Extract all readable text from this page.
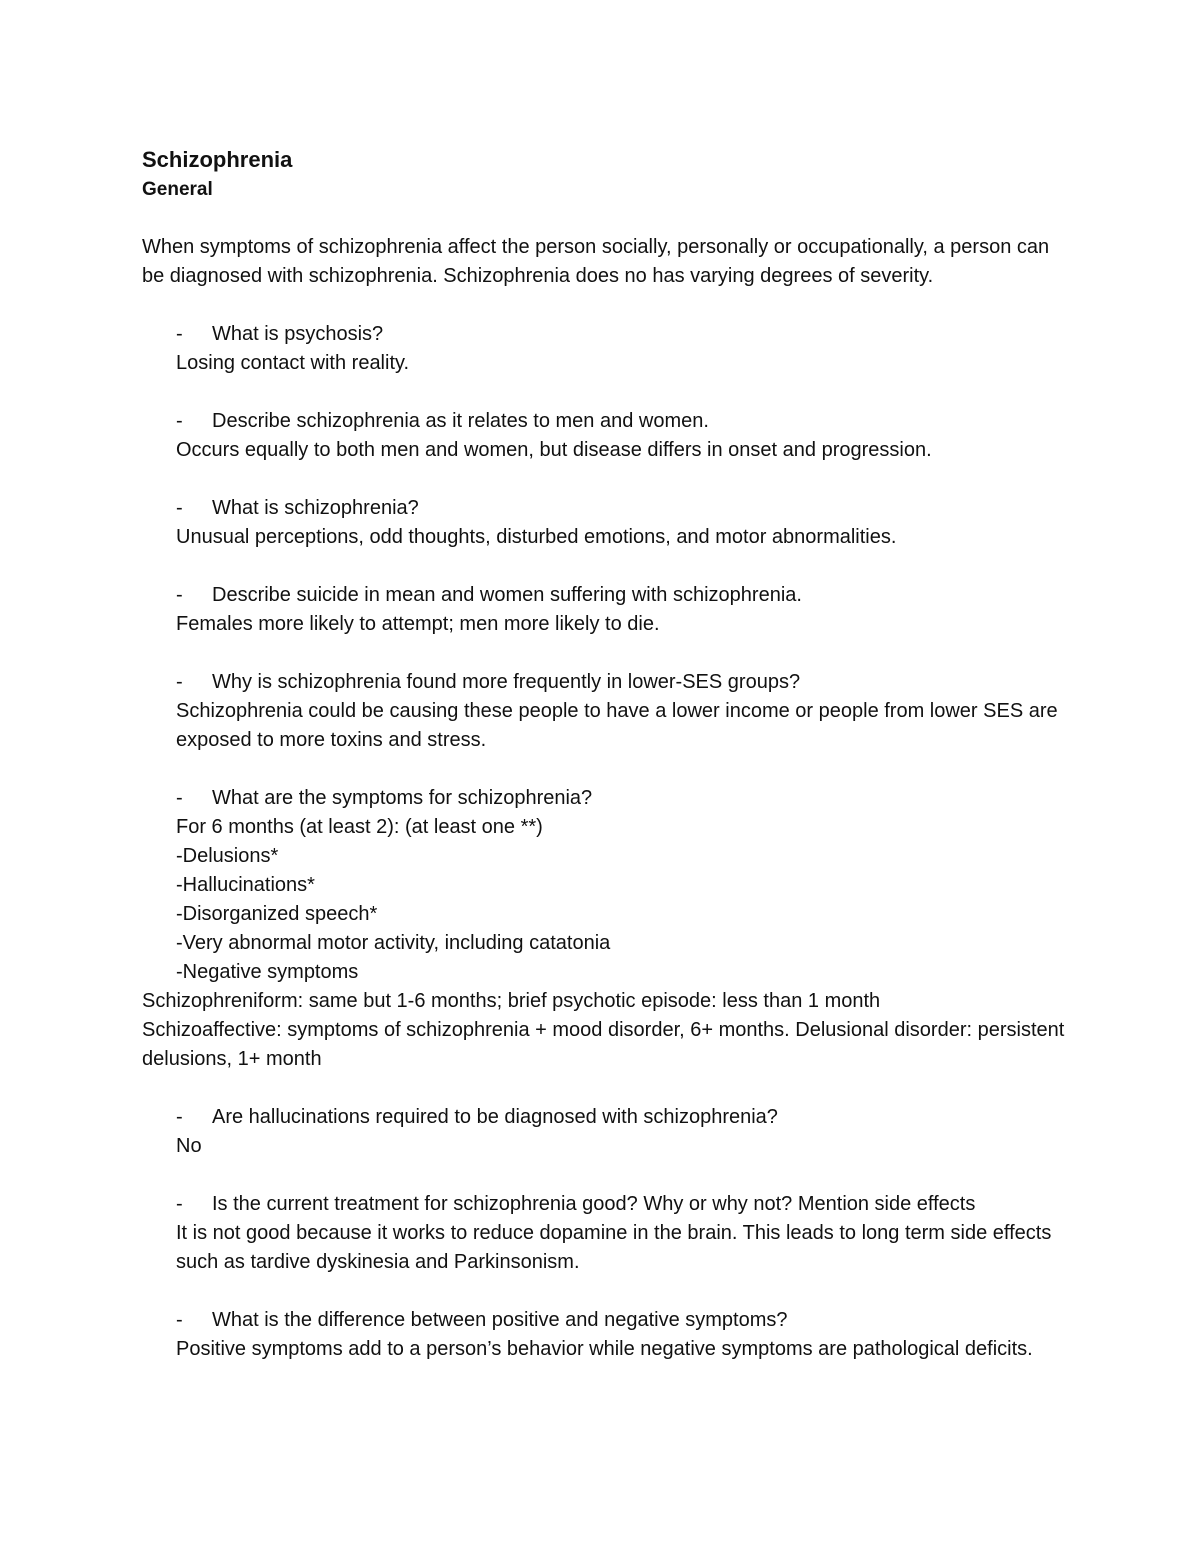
Schizophrenia
General

When symptoms of schizophrenia affect the person socially, personally or occupationally, a person can be diagnosed with schizophrenia. Schizophrenia does no has varying degrees of severity.

- What is psychosis?

Losing contact with reality.

- Describe schizophrenia as it relates to men and women.

Occurs equally to both men and women, but disease differs in onset and progression.

- What is schizophrenia?

Unusual perceptions, odd thoughts, disturbed emotions, and motor abnormalities.

- Describe suicide in mean and women suffering with schizophrenia.

Females more likely to attempt; men more likely to die.

- Why is schizophrenia found more frequently in lower-SES groups?

Schizophrenia could be causing these people to have a lower income or people from lower SES are exposed to more toxins and stress.

- What are the symptoms for schizophrenia?

For 6 months (at least 2): (at least one **)

-Delusions*

-Hallucinations*

-Disorganized speech*

-Very abnormal motor activity, including catatonia

-Negative symptoms

Schizophreniform: same but 1-6 months; brief psychotic episode: less than 1 month

Schizoaffective: symptoms of schizophrenia + mood disorder, 6+ months. Delusional disorder: persistent delusions, 1+ month

- Are hallucinations required to be diagnosed with schizophrenia?

No

- Is the current treatment for schizophrenia good? Why or why not? Mention side effects

It is not good because it works to reduce dopamine in the brain. This leads to long term side effects such as tardive dyskinesia and Parkinsonism.

- What is the difference between positive and negative symptoms?

Positive symptoms add to a person’s behavior while negative symptoms are pathological deficits.
